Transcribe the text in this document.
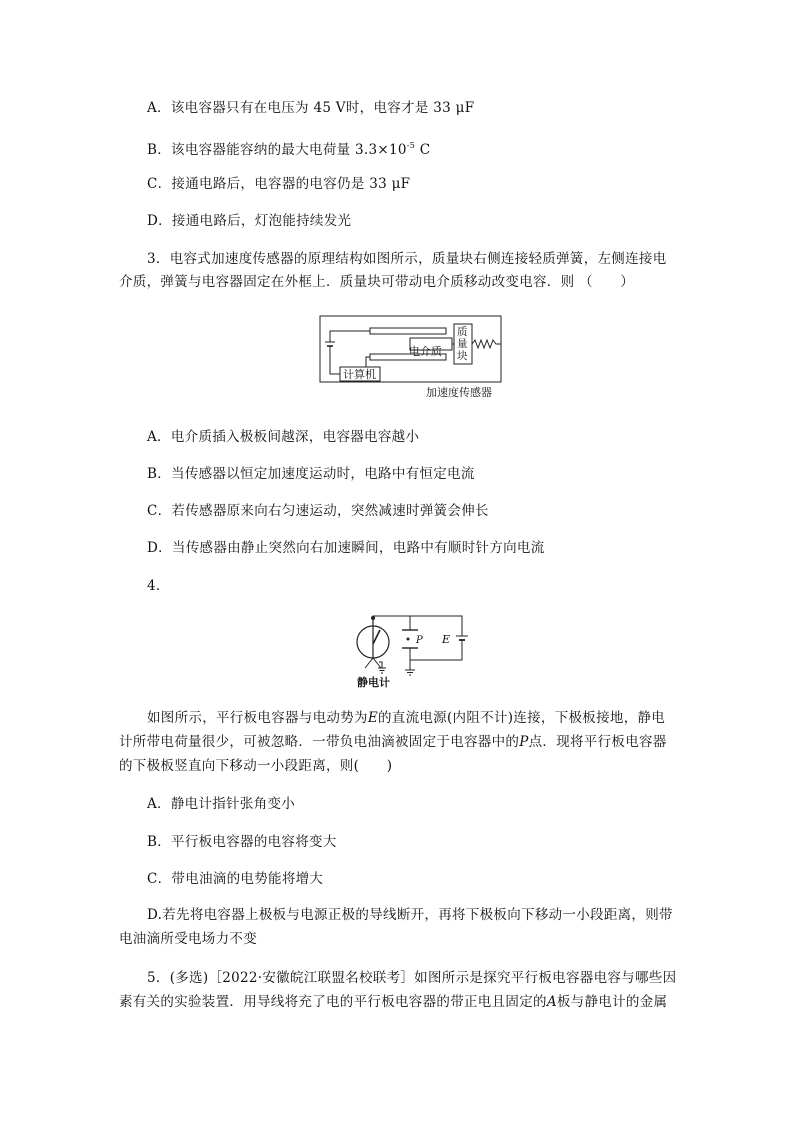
A．该电容器只有在电压为 45 V时，电容才是 33 μF
B．该电容器能容纳的最大电荷量 $3.3\times 10^{-5}$ C
C．接通电路后，电容器的电容仍是 33 μF
D．接通电路后，灯泡能持续发光
3．电容式加速度传感器的原理结构如图所示，质量块右侧连接轻质弹簧，左侧连接电
介质，弹簧与电容器固定在外框上．质量块可带动电介质移动改变电容．则 （　　）
电介质
质 量 块
计算机
加速度传感器
A．电介质插入极板间越深，电容器电容越小
B．当传感器以恒定加速度运动时，电路中有恒定电流
C．若传感器原来向右匀速运动，突然减速时弹簧会伸长
D．当传感器由静止突然向右加速瞬间，电路中有顺时针方向电流
4．
P E
静电计
如图所示，平行板电容器与电动势为E的直流电源(内阻不计)连接，下极板接地，静电
计所带电荷量很少，可被忽略．一带负电油滴被固定于电容器中的P点．现将平行板电容器
的下极板竖直向下移动一小段距离，则(　　)
A．静电计指针张角变小
B．平行板电容器的电容将变大
C．带电油滴的电势能将增大
D.若先将电容器上极板与电源正极的导线断开，再将下极板向下移动一小段距离，则带
电油滴所受电场力不变
5．(多选)［2022·安徽皖江联盟名校联考］如图所示是探究平行板电容器电容与哪些因
素有关的实验装置．用导线将充了电的平行板电容器的带正电且固定的A板与静电计的金属
